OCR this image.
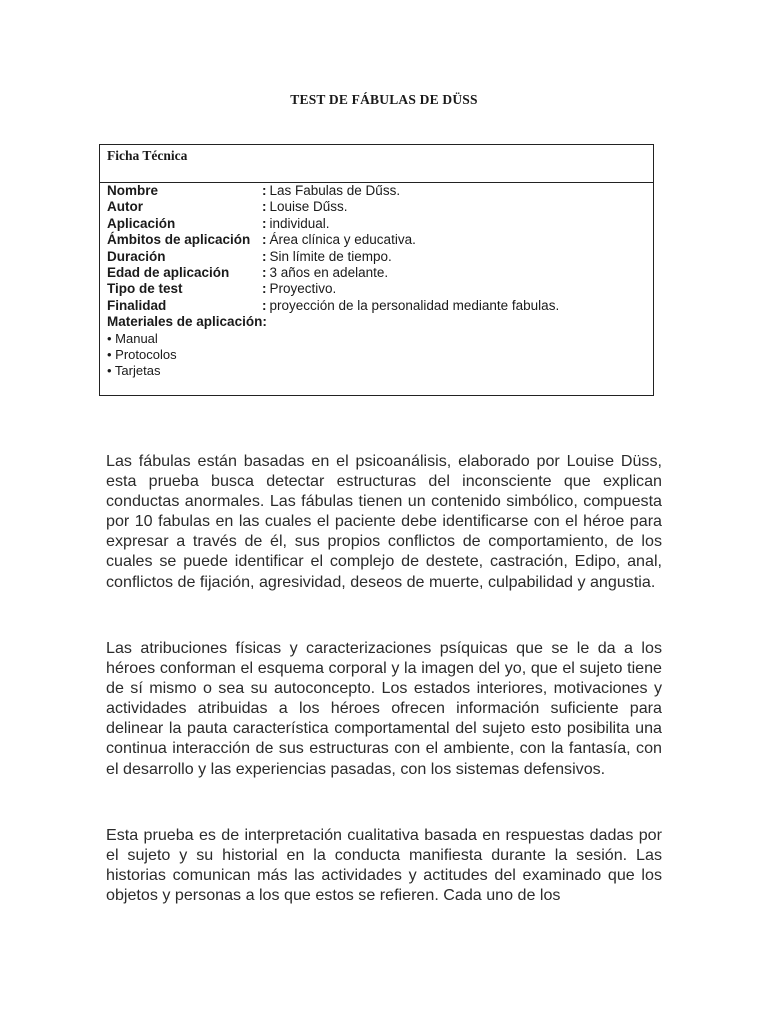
TEST DE FÁBULAS DE DÜSS
Ficha Técnica
Nombre	: Las Fabulas de Dűss.
Autor	: Louise Dűss.
Aplicación	: individual.
Ámbitos de aplicación : Área clínica y educativa.
Duración	: Sin límite de tiempo.
Edad de aplicación	: 3 años en adelante.
Tipo de test	: Proyectivo.
Finalidad	: proyección de la personalidad mediante fabulas.
Materiales de aplicación:
• Manual
• Protocolos
• Tarjetas

Las fábulas están basadas en el psicoanálisis, elaborado por Louise Düss, esta prueba busca detectar estructuras del inconsciente que explican conductas anormales. Las fábulas tienen un contenido simbólico, compuesta por 10 fabulas en las cuales el paciente debe identificarse con el héroe para expresar a través de él, sus propios conflictos de comportamiento, de los cuales se puede identificar el complejo de destete, castración, Edipo, anal, conflictos de fijación, agresividad, deseos de muerte, culpabilidad y angustia.

Las atribuciones físicas y caracterizaciones psíquicas que se le da a los héroes conforman el esquema corporal y la imagen del yo, que el sujeto tiene de sí mismo o sea su autoconcepto. Los estados interiores, motivaciones y actividades atribuidas a los héroes ofrecen información suficiente para delinear la pauta característica comportamental del sujeto esto posibilita una continua interacción de sus estructuras con el ambiente, con la fantasía, con el desarrollo y las experiencias pasadas, con los sistemas defensivos.

Esta prueba es de interpretación cualitativa basada en respuestas dadas por el sujeto y su historial en la conducta manifiesta durante la sesión. Las historias comunican más las actividades y actitudes del examinado que los objetos y personas a los que estos se refieren. Cada uno de los
